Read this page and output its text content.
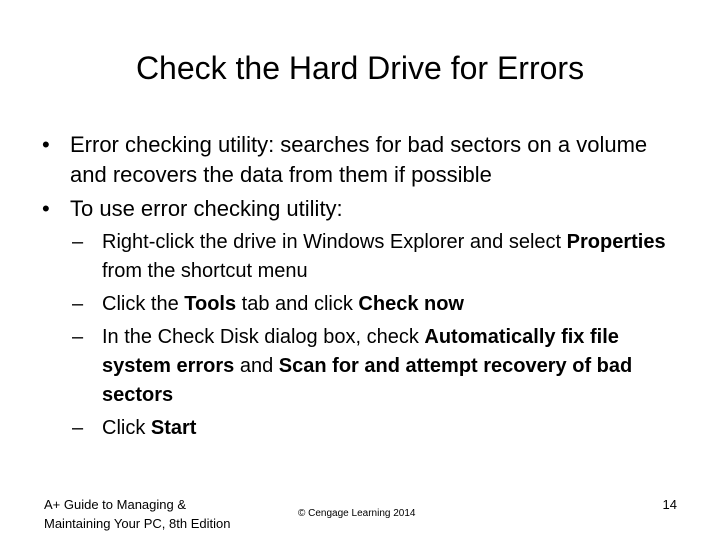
Check the Hard Drive for Errors
• Error checking utility: searches for bad sectors on a volume and recovers the data from them if possible
• To use error checking utility:
– Right-click the drive in Windows Explorer and select Properties from the shortcut menu
– Click the Tools tab and click Check now
– In the Check Disk dialog box, check Automatically fix file system errors and Scan for and attempt recovery of bad sectors
– Click Start
A+ Guide to Managing &
Maintaining Your PC, 8th Edition
© Cengage Learning 2014
14
